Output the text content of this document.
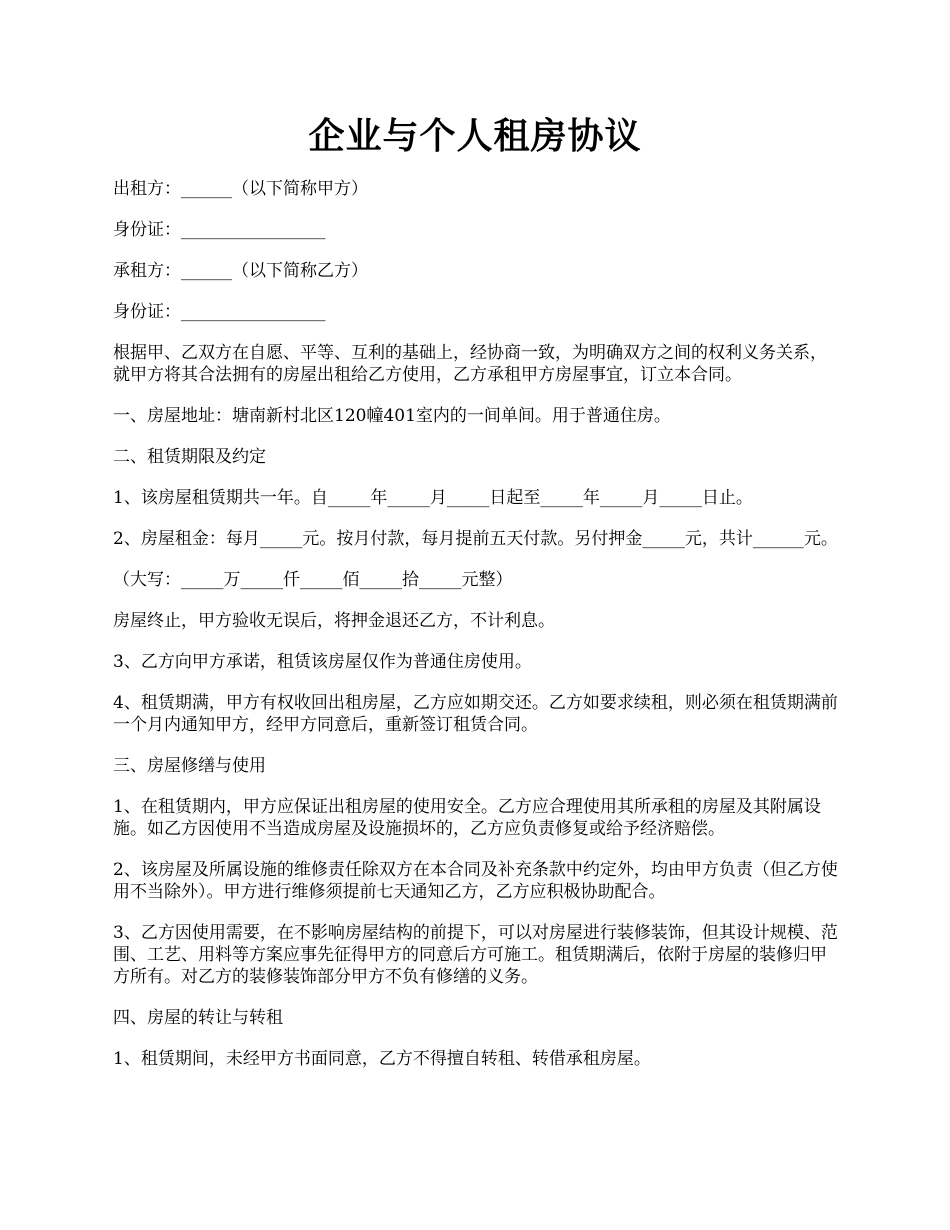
企业与个人租房协议

出租方：______（以下简称甲方）

身份证：_________________

承租方：______（以下简称乙方）

身份证：_________________

根据甲、乙双方在自愿、平等、互利的基础上，经协商一致，为明确双方之间的权利义务关系，就甲方将其合法拥有的房屋出租给乙方使用，乙方承租甲方房屋事宜，订立本合同。

一、房屋地址：塘南新村北区120幢401室内的一间单间。用于普通住房。

二、租赁期限及约定

1、该房屋租赁期共一年。自_____年_____月_____日起至_____年_____月_____日止。

2、房屋租金：每月_____元。按月付款，每月提前五天付款。另付押金_____元，共计______元。

（大写：_____万_____仟_____佰_____拾_____元整）

房屋终止，甲方验收无误后，将押金退还乙方，不计利息。

3、乙方向甲方承诺，租赁该房屋仅作为普通住房使用。

4、租赁期满，甲方有权收回出租房屋，乙方应如期交还。乙方如要求续租，则必须在租赁期满前一个月内通知甲方，经甲方同意后，重新签订租赁合同。

三、房屋修缮与使用

1、在租赁期内，甲方应保证出租房屋的使用安全。乙方应合理使用其所承租的房屋及其附属设施。如乙方因使用不当造成房屋及设施损坏的，乙方应负责修复或给予经济赔偿。

2、该房屋及所属设施的维修责任除双方在本合同及补充条款中约定外，均由甲方负责（但乙方使用不当除外）。甲方进行维修须提前七天通知乙方，乙方应积极协助配合。

3、乙方因使用需要，在不影响房屋结构的前提下，可以对房屋进行装修装饰，但其设计规模、范围、工艺、用料等方案应事先征得甲方的同意后方可施工。租赁期满后，依附于房屋的装修归甲方所有。对乙方的装修装饰部分甲方不负有修缮的义务。

四、房屋的转让与转租

1、租赁期间，未经甲方书面同意，乙方不得擅自转租、转借承租房屋。
